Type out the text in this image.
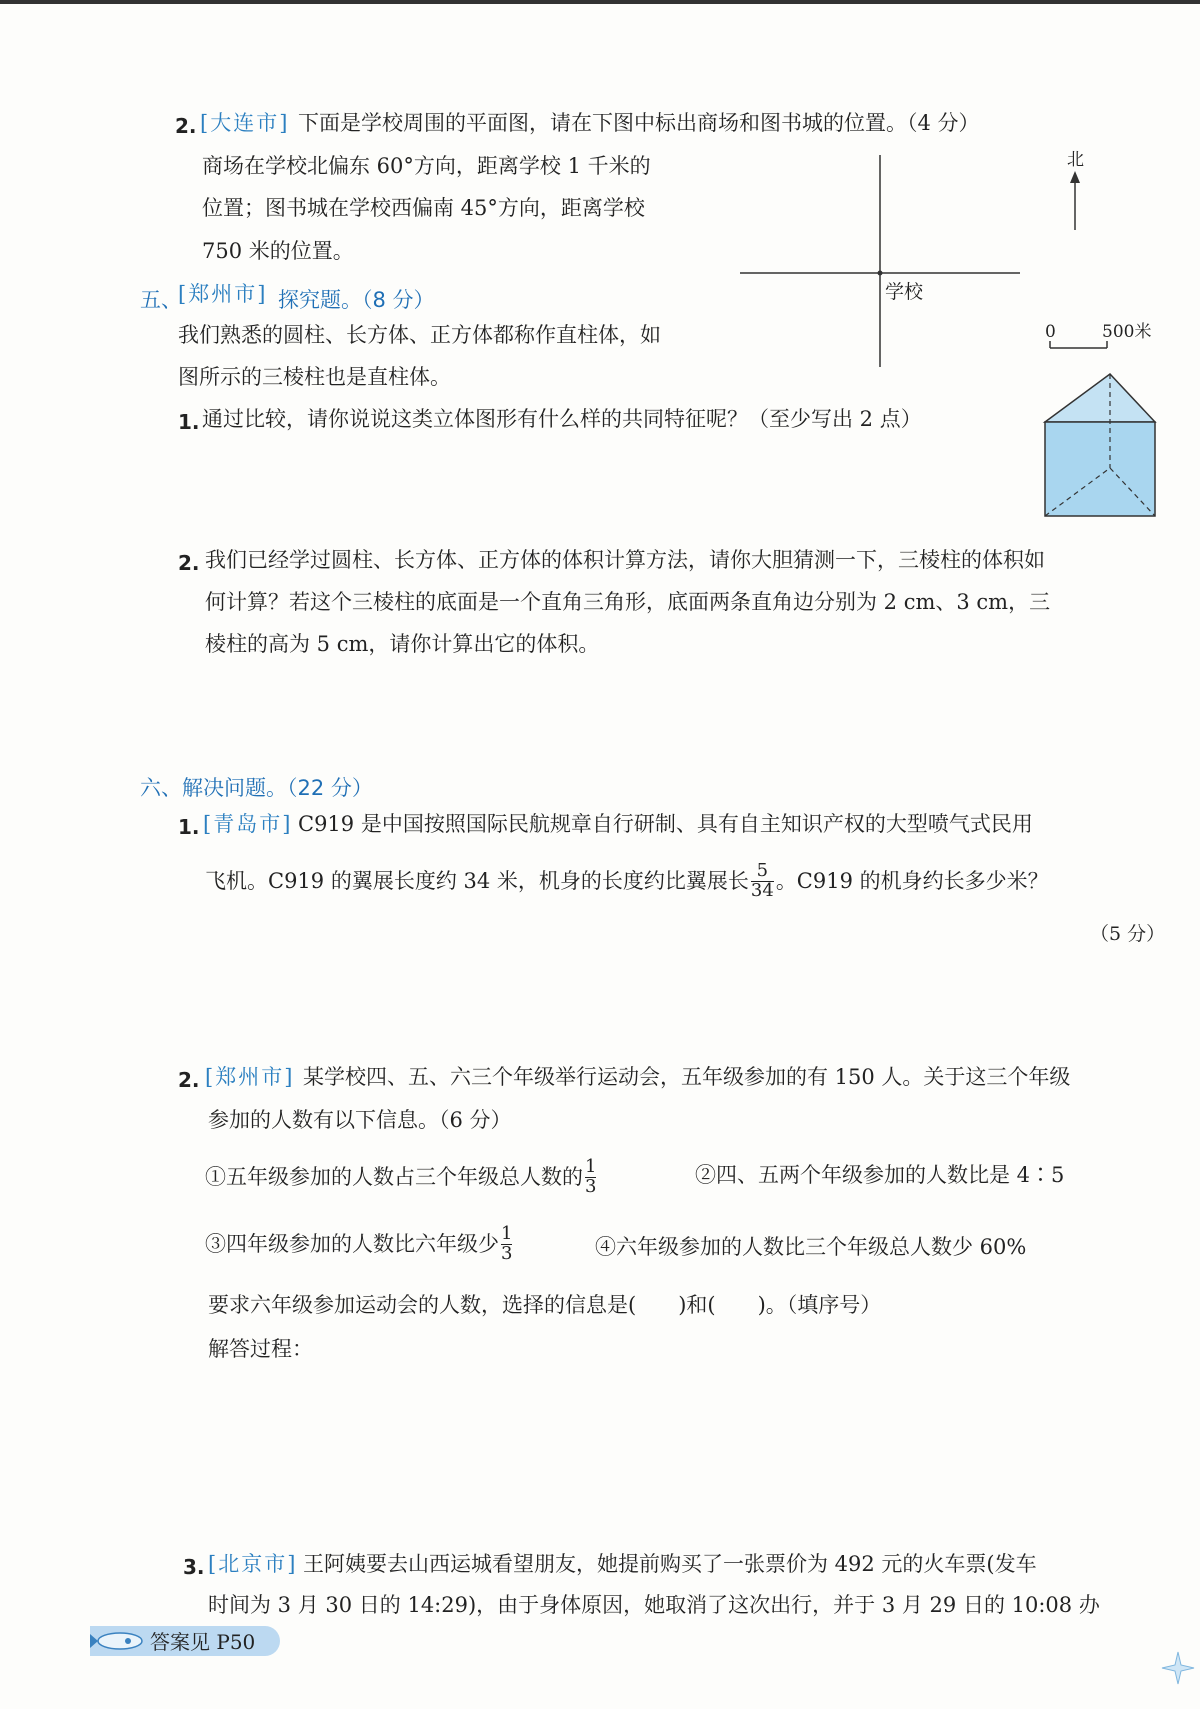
2. [ 大连市 ] 下面是学校周围的平面图，请在下图中标出商场和图书城的位置。（4 分）
商场在学校北偏东 60°方向，距离学校 1 千米的
位置；图书城在学校西偏南 45°方向，距离学校
750 米的位置。
北
学校
0	500米
五、 [ 郑州市 ] 探究题。（8 分）
我们熟悉的圆柱、长方体、正方体都称作直柱体，如
图所示的三棱柱也是直柱体。
1. 通过比较，请你说说这类立体图形有什么样的共同特征呢？（至少写出 2 点）
2. 我们已经学过圆柱、长方体、正方体的体积计算方法，请你大胆猜测一下，三棱柱的体积如
何计算？若这个三棱柱的底面是一个直角三角形，底面两条直角边分别为 2 cm、3 cm，三
棱柱的高为 5 cm，请你计算出它的体积。
六、解决问题。（22 分）
1. [ 青岛市 ] C919 是中国按照国际民航规章自行研制、具有自主知识产权的大型喷气式民用
飞机。C919 的翼展长度约 34 米，机身的长度约比翼展长 $\frac{5}{34}$ 。C919 的机身约长多少米？
（5 分）
2. [ 郑州市 ] 某学校四、五、六三个年级举行运动会，五年级参加的有 150 人。关于这三个年级
参加的人数有以下信息。（6 分）
①五年级参加的人数占三个年级总人数的 $\frac{1}{3}$	②四、五两个年级参加的人数比是 4∶5
③四年级参加的人数比六年级少 $\frac{1}{3}$	④六年级参加的人数比三个年级总人数少 60%
要求六年级参加运动会的人数，选择的信息是(　　)和(　　)。（填序号）
解答过程：
3. [ 北京市 ] 王阿姨要去山西运城看望朋友，她提前购买了一张票价为 492 元的火车票(发车
时间为 3 月 30 日的 14:29)，由于身体原因，她取消了这次出行，并于 3 月 29 日的 10:08 办
答案见 P50
